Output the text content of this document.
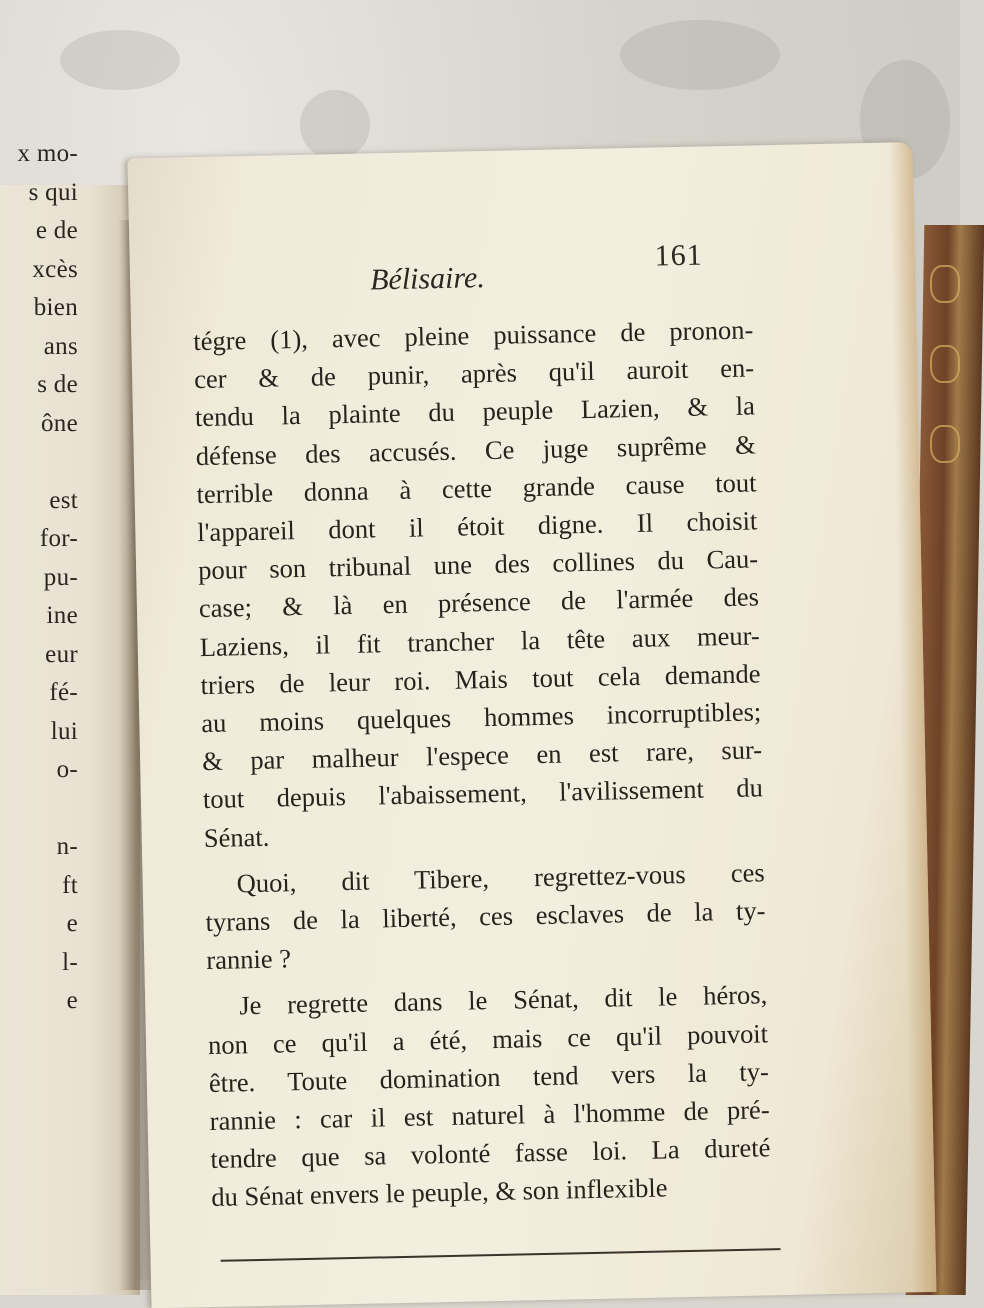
x mo-
s qui
e de
xcès
bien
ans
s de
ône
est
for-
pu-
ine
eur
fé-
lui
o-
n-
ft
e
l-
e
Bélisaire.
161
tégre (1), avec pleine puissance de pronon-
cer & de punir, après qu'il auroit en-
tendu la plainte du peuple Lazien, & la
défense des accusés. Ce juge suprême &
terrible donna à cette grande cause tout
l'appareil dont il étoit digne. Il choisit
pour son tribunal une des collines du Cau-
case; & là en présence de l'armée des
Laziens, il fit trancher la tête aux meur-
triers de leur roi. Mais tout cela demande
au moins quelques hommes incorruptibles;
& par malheur l'espece en est rare, sur-
tout depuis l'abaissement, l'avilissement du
Sénat.
Quoi, dit Tibere, regrettez-vous ces
tyrans de la liberté, ces esclaves de la ty-
rannie ?
Je regrette dans le Sénat, dit le héros,
non ce qu'il a été, mais ce qu'il pouvoit
être. Toute domination tend vers la ty-
rannie : car il est naturel à l'homme de pré-
tendre que sa volonté fasse loi. La dureté
du Sénat envers le peuple, & son inflexible
